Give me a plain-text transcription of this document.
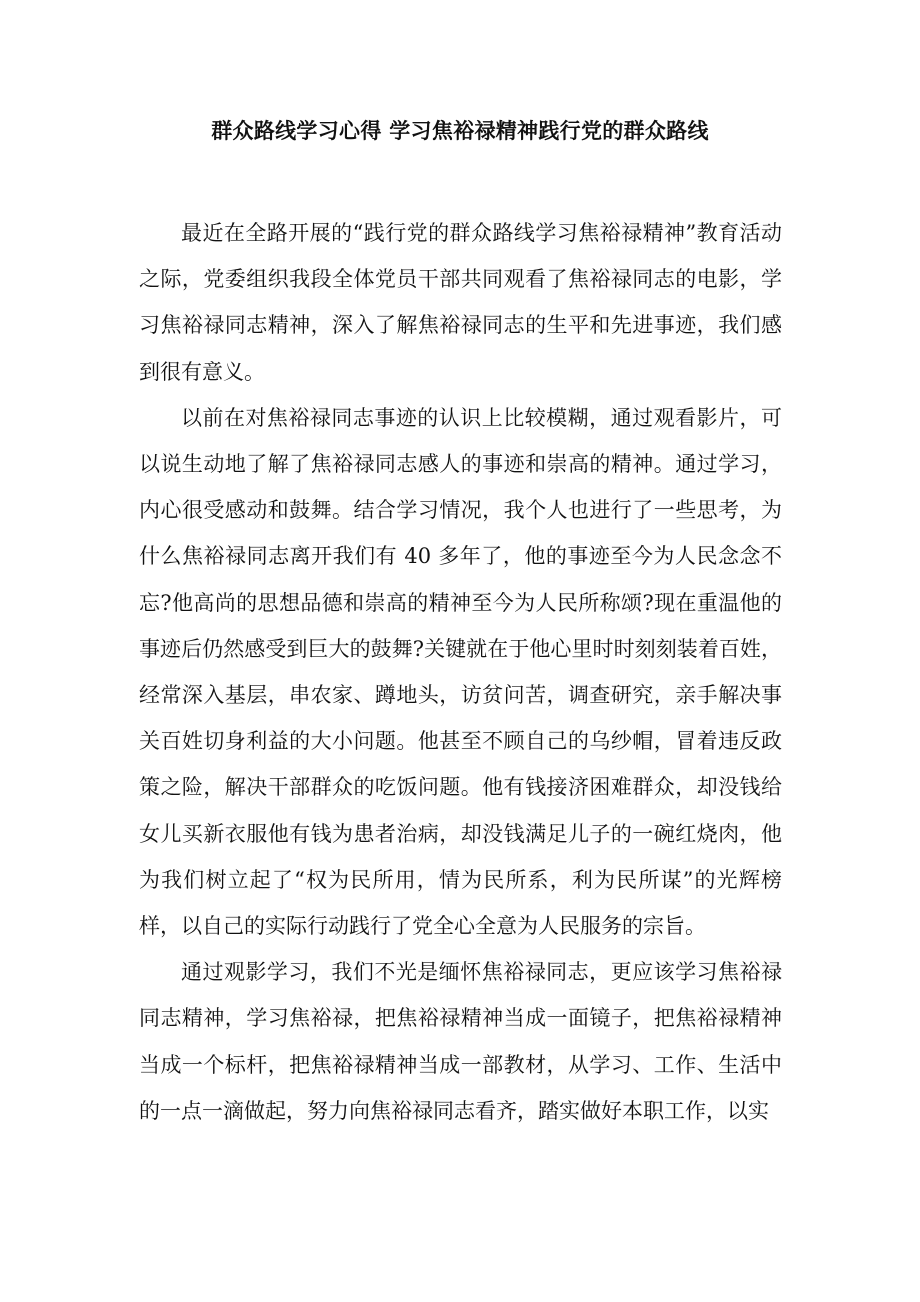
群众路线学习心得 学习焦裕禄精神践行党的群众路线

最近在全路开展的“践行党的群众路线学习焦裕禄精神”教育活动之际，党委组织我段全体党员干部共同观看了焦裕禄同志的电影，学习焦裕禄同志精神，深入了解焦裕禄同志的生平和先进事迹，我们感到很有意义。

以前在对焦裕禄同志事迹的认识上比较模糊，通过观看影片，可以说生动地了解了焦裕禄同志感人的事迹和崇高的精神。通过学习，内心很受感动和鼓舞。结合学习情况，我个人也进行了一些思考，为什么焦裕禄同志离开我们有 40 多年了，他的事迹至今为人民念念不忘?他高尚的思想品德和崇高的精神至今为人民所称颂?现在重温他的事迹后仍然感受到巨大的鼓舞?关键就在于他心里时时刻刻装着百姓，经常深入基层，串农家、蹲地头，访贫问苦，调查研究，亲手解决事关百姓切身利益的大小问题。他甚至不顾自己的乌纱帽，冒着违反政策之险，解决干部群众的吃饭问题。他有钱接济困难群众，却没钱给女儿买新衣服他有钱为患者治病，却没钱满足儿子的一碗红烧肉，他为我们树立起了“权为民所用，情为民所系，利为民所谋”的光辉榜样，以自己的实际行动践行了党全心全意为人民服务的宗旨。

通过观影学习，我们不光是缅怀焦裕禄同志，更应该学习焦裕禄同志精神，学习焦裕禄，把焦裕禄精神当成一面镜子，把焦裕禄精神当成一个标杆，把焦裕禄精神当成一部教材，从学习、工作、生活中的一点一滴做起，努力向焦裕禄同志看齐，踏实做好本职工作，以实
